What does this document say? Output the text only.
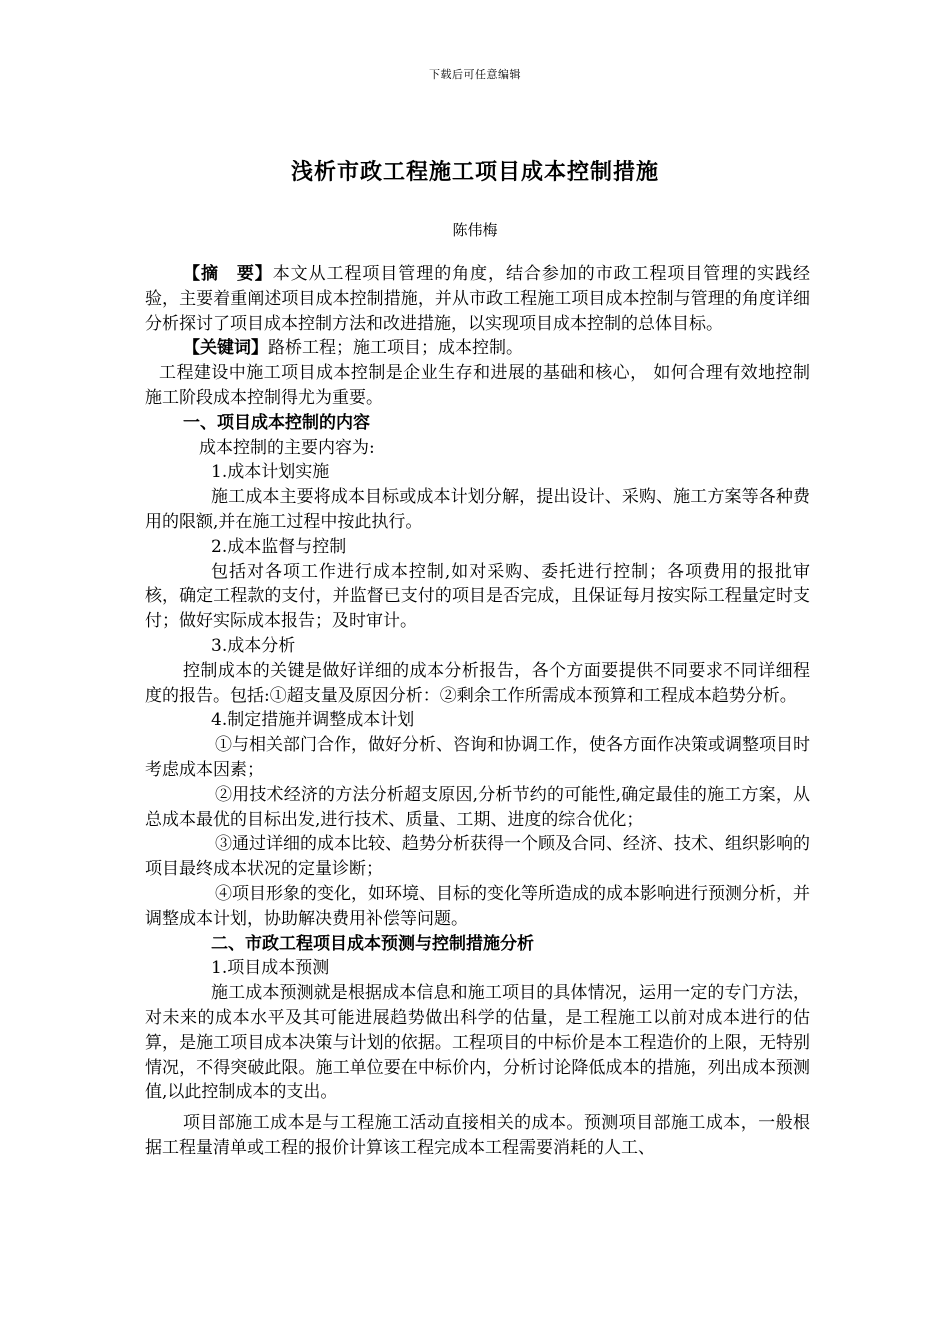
下载后可任意编辑
浅析市政工程施工项目成本控制措施
陈伟梅

【摘　要】本文从工程项目管理的角度，结合参加的市政工程项目管理的实践经验，主要着重阐述项目成本控制措施，并从市政工程施工项目成本控制与管理的角度详细分析探讨了项目成本控制方法和改进措施，以实现项目成本控制的总体目标。

【关键词】路桥工程；施工项目；成本控制。

工程建设中施工项目成本控制是企业生存和进展的基础和核心， 如何合理有效地控制施工阶段成本控制得尤为重要。

一、项目成本控制的内容

成本控制的主要内容为:

1.成本计划实施

施工成本主要将成本目标或成本计划分解，提出设计、采购、施工方案等各种费用的限额,并在施工过程中按此执行。

2.成本监督与控制

包括对各项工作进行成本控制,如对采购、委托进行控制；各项费用的报批审核，确定工程款的支付，并监督已支付的项目是否完成，且保证每月按实际工程量定时支付；做好实际成本报告；及时审计。

3.成本分析

控制成本的关键是做好详细的成本分析报告，各个方面要提供不同要求不同详细程度的报告。包括:①超支量及原因分析：②剩余工作所需成本预算和工程成本趋势分析。

4.制定措施并调整成本计划

①与相关部门合作，做好分析、咨询和协调工作，使各方面作决策或调整项目时考虑成本因素；

②用技术经济的方法分析超支原因,分析节约的可能性,确定最佳的施工方案，从总成本最优的目标出发,进行技术、质量、工期、进度的综合优化；

③通过详细的成本比较、趋势分析获得一个顾及合同、经济、技术、组织影响的项目最终成本状况的定量诊断；

④项目形象的变化，如环境、目标的变化等所造成的成本影响进行预测分析，并调整成本计划，协助解决费用补偿等问题。

二、市政工程项目成本预测与控制措施分析

1.项目成本预测

施工成本预测就是根据成本信息和施工项目的具体情况，运用一定的专门方法，对未来的成本水平及其可能进展趋势做出科学的估量，是工程施工以前对成本进行的估算，是施工项目成本决策与计划的依据。工程项目的中标价是本工程造价的上限，无特别情况，不得突破此限。施工单位要在中标价内，分析讨论降低成本的措施，列出成本预测值,以此控制成本的支出。

项目部施工成本是与工程施工活动直接相关的成本。预测项目部施工成本，一般根据工程量清单或工程的报价计算该工程完成本工程需要消耗的人工、
